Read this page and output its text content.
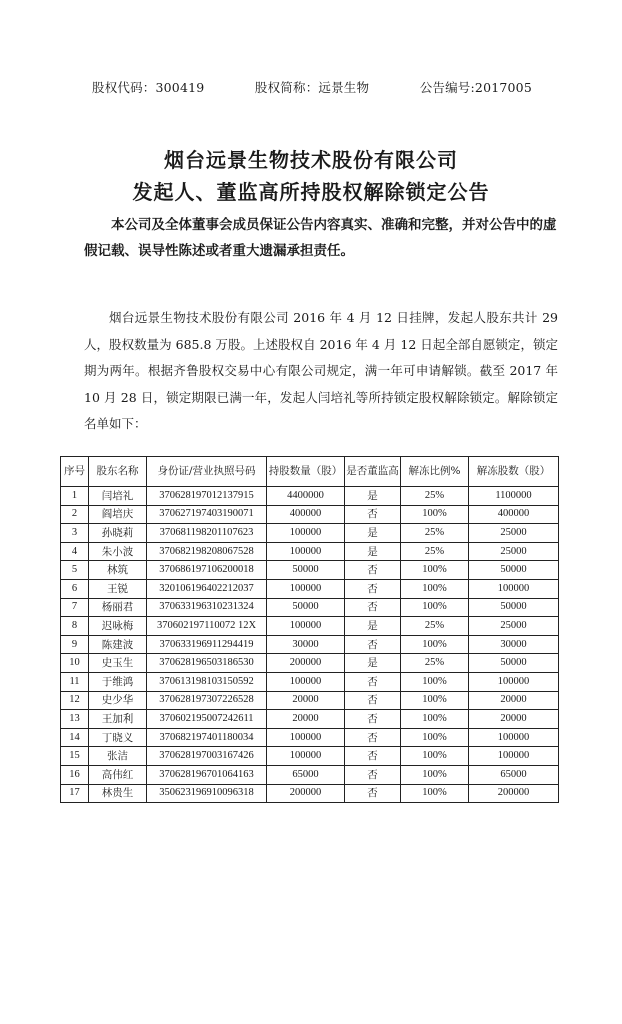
股权代码：300419	股权简称：远景生物	公告编号:2017005
烟台远景生物技术股份有限公司
发起人、董监高所持股权解除锁定公告
本公司及全体董事会成员保证公告内容真实、准确和完整，并对公告中的虚假记载、误导性陈述或者重大遗漏承担责任。
烟台远景生物技术股份有限公司 2016 年 4 月 12 日挂牌，发起人股东共计 29 人，股权数量为 685.8 万股。上述股权自 2016 年 4 月 12 日起全部自愿锁定，锁定期为两年。根据齐鲁股权交易中心有限公司规定，满一年可申请解锁。截至 2017 年 10 月 28 日，锁定期限已满一年，发起人闫培礼等所持锁定股权解除锁定。解除锁定名单如下：
序号	股东名称	身份证/营业执照号码	持股数量（股）	是否董监高	解冻比例%	解冻股数（股）
1	闫培礼	370628197012137915	4400000	是	25%	1100000
2	阎培庆	370627197403190071	400000	否	100%	400000
3	孙晓莉	370681198201107623	100000	是	25%	25000
4	朱小波	370682198208067528	100000	是	25%	25000
5	林筑	370686197106200018	50000	否	100%	50000
6	王锐	320106196402212037	100000	否	100%	100000
7	杨丽君	370633196310231324	50000	否	100%	50000
8	迟咏梅	370602197110072 12X	100000	是	25%	25000
9	陈建波	370633196911294419	30000	否	100%	30000
10	史玉生	370628196503186530	200000	是	25%	50000
11	于维鸿	370613198103150592	100000	否	100%	100000
12	史少华	370628197307226528	20000	否	100%	20000
13	王加利	370602195007242611	20000	否	100%	20000
14	丁晓义	370682197401180034	100000	否	100%	100000
15	张洁	370628197003167426	100000	否	100%	100000
16	高伟红	370628196701064163	65000	否	100%	65000
17	林贵生	350623196910096318	200000	否	100%	200000
